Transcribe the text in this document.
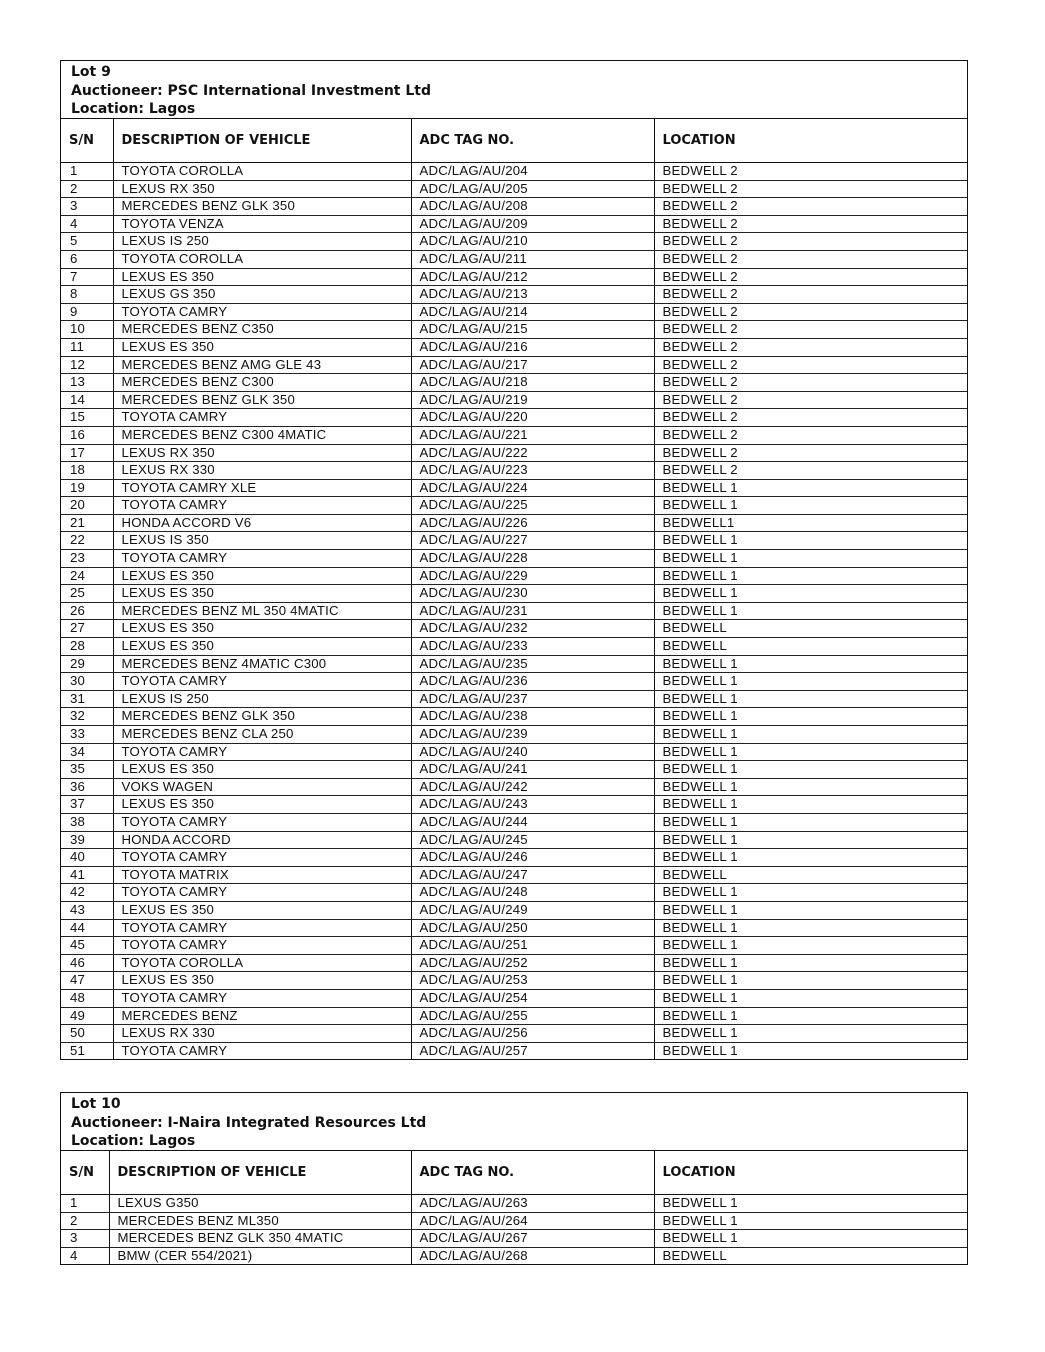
Lot 9
Auctioneer: PSC International Investment Ltd
Location: Lagos
S/N	DESCRIPTION OF VEHICLE	ADC TAG NO.	LOCATION
1	TOYOTA COROLLA	ADC/LAG/AU/204	BEDWELL 2
2	LEXUS RX 350	ADC/LAG/AU/205	BEDWELL 2
3	MERCEDES BENZ GLK 350	ADC/LAG/AU/208	BEDWELL 2
4	TOYOTA VENZA	ADC/LAG/AU/209	BEDWELL 2
5	LEXUS IS 250	ADC/LAG/AU/210	BEDWELL 2
6	TOYOTA COROLLA	ADC/LAG/AU/211	BEDWELL 2
7	LEXUS ES 350	ADC/LAG/AU/212	BEDWELL 2
8	LEXUS GS 350	ADC/LAG/AU/213	BEDWELL 2
9	TOYOTA CAMRY	ADC/LAG/AU/214	BEDWELL 2
10	MERCEDES BENZ C350	ADC/LAG/AU/215	BEDWELL 2
11	LEXUS ES 350	ADC/LAG/AU/216	BEDWELL 2
12	MERCEDES BENZ AMG GLE 43	ADC/LAG/AU/217	BEDWELL 2
13	MERCEDES BENZ C300	ADC/LAG/AU/218	BEDWELL 2
14	MERCEDES BENZ GLK 350	ADC/LAG/AU/219	BEDWELL 2
15	TOYOTA CAMRY	ADC/LAG/AU/220	BEDWELL 2
16	MERCEDES BENZ C300 4MATIC	ADC/LAG/AU/221	BEDWELL 2
17	LEXUS RX 350	ADC/LAG/AU/222	BEDWELL 2
18	LEXUS RX 330	ADC/LAG/AU/223	BEDWELL 2
19	TOYOTA CAMRY XLE	ADC/LAG/AU/224	BEDWELL 1
20	TOYOTA CAMRY	ADC/LAG/AU/225	BEDWELL 1
21	HONDA ACCORD V6	ADC/LAG/AU/226	BEDWELL1
22	LEXUS IS 350	ADC/LAG/AU/227	BEDWELL 1
23	TOYOTA CAMRY	ADC/LAG/AU/228	BEDWELL 1
24	LEXUS ES 350	ADC/LAG/AU/229	BEDWELL 1
25	LEXUS ES 350	ADC/LAG/AU/230	BEDWELL 1
26	MERCEDES BENZ ML 350 4MATIC	ADC/LAG/AU/231	BEDWELL 1
27	LEXUS ES 350	ADC/LAG/AU/232	BEDWELL
28	LEXUS ES 350	ADC/LAG/AU/233	BEDWELL
29	MERCEDES BENZ 4MATIC C300	ADC/LAG/AU/235	BEDWELL 1
30	TOYOTA CAMRY	ADC/LAG/AU/236	BEDWELL 1
31	LEXUS IS 250	ADC/LAG/AU/237	BEDWELL 1
32	MERCEDES BENZ GLK 350	ADC/LAG/AU/238	BEDWELL 1
33	MERCEDES BENZ CLA 250	ADC/LAG/AU/239	BEDWELL 1
34	TOYOTA CAMRY	ADC/LAG/AU/240	BEDWELL 1
35	LEXUS ES 350	ADC/LAG/AU/241	BEDWELL 1
36	VOKS WAGEN	ADC/LAG/AU/242	BEDWELL 1
37	LEXUS ES 350	ADC/LAG/AU/243	BEDWELL 1
38	TOYOTA CAMRY	ADC/LAG/AU/244	BEDWELL 1
39	HONDA ACCORD	ADC/LAG/AU/245	BEDWELL 1
40	TOYOTA CAMRY	ADC/LAG/AU/246	BEDWELL 1
41	TOYOTA MATRIX	ADC/LAG/AU/247	BEDWELL
42	TOYOTA CAMRY	ADC/LAG/AU/248	BEDWELL 1
43	LEXUS ES 350	ADC/LAG/AU/249	BEDWELL 1
44	TOYOTA CAMRY	ADC/LAG/AU/250	BEDWELL 1
45	TOYOTA CAMRY	ADC/LAG/AU/251	BEDWELL 1
46	TOYOTA COROLLA	ADC/LAG/AU/252	BEDWELL 1
47	LEXUS ES 350	ADC/LAG/AU/253	BEDWELL 1
48	TOYOTA CAMRY	ADC/LAG/AU/254	BEDWELL 1
49	MERCEDES BENZ	ADC/LAG/AU/255	BEDWELL 1
50	LEXUS RX 330	ADC/LAG/AU/256	BEDWELL 1
51	TOYOTA CAMRY	ADC/LAG/AU/257	BEDWELL 1
Lot 10
Auctioneer: I-Naira Integrated Resources Ltd
Location: Lagos
S/N	DESCRIPTION OF VEHICLE	ADC TAG NO.	LOCATION
1	LEXUS G350	ADC/LAG/AU/263	BEDWELL 1
2	MERCEDES BENZ ML350	ADC/LAG/AU/264	BEDWELL 1
3	MERCEDES BENZ GLK 350 4MATIC	ADC/LAG/AU/267	BEDWELL 1
4	BMW (CER 554/2021)	ADC/LAG/AU/268	BEDWELL
